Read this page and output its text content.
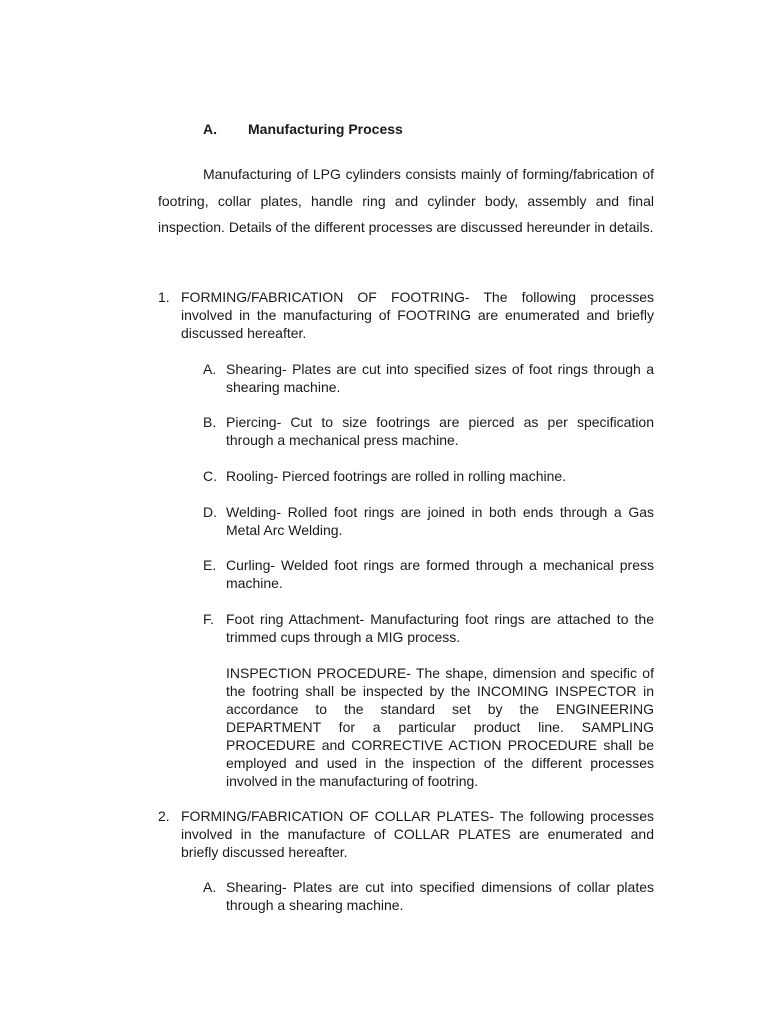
A. Manufacturing Process

Manufacturing of LPG cylinders consists mainly of forming/fabrication of footring, collar plates, handle ring and cylinder body, assembly and final inspection. Details of the different processes are discussed hereunder in details.

1. FORMING/FABRICATION OF FOOTRING- The following processes involved in the manufacturing of FOOTRING are enumerated and briefly discussed hereafter.
A. Shearing- Plates are cut into specified sizes of foot rings through a shearing machine.
B. Piercing- Cut to size footrings are pierced as per specification through a mechanical press machine.
C. Rooling- Pierced footrings are rolled in rolling machine.
D. Welding- Rolled foot rings are joined in both ends through a Gas Metal Arc Welding.
E. Curling- Welded foot rings are formed through a mechanical press machine.
F. Foot ring Attachment- Manufacturing foot rings are attached to the trimmed cups through a MIG process.

INSPECTION PROCEDURE- The shape, dimension and specific of the footring shall be inspected by the INCOMING INSPECTOR in accordance to the standard set by the ENGINEERING DEPARTMENT for a particular product line. SAMPLING PROCEDURE and CORRECTIVE ACTION PROCEDURE shall be employed and used in the inspection of the different processes involved in the manufacturing of footring.

2. FORMING/FABRICATION OF COLLAR PLATES- The following processes involved in the manufacture of COLLAR PLATES are enumerated and briefly discussed hereafter.
A. Shearing- Plates are cut into specified dimensions of collar plates through a shearing machine.
